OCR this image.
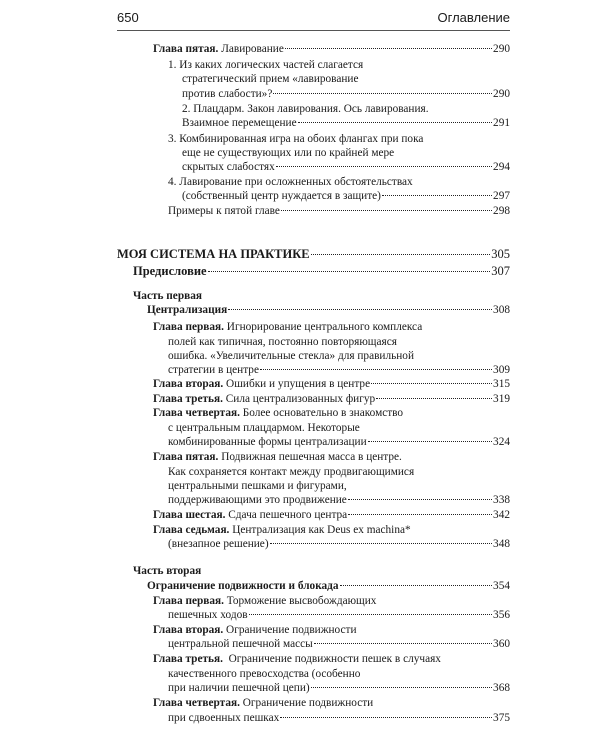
650	Оглавление
Глава пятая. Лавирование	290
1. Из каких логических частей слагается
стратегический прием «лавирование
против слабости»?	290
2. Плацдарм. Закон лавирования. Ось лавирования.
Взаимное перемещение	291
3. Комбинированная игра на обоих флангах при пока
еще не существующих или по крайней мере
скрытых слабостях	294
4. Лавирование при осложненных обстоятельствах
(собственный центр нуждается в защите)	297
Примеры к пятой главе	298
МОЯ СИСТЕМА НА ПРАКТИКЕ	305
Предисловие	307
Часть первая
Централизация	308
Глава первая. Игнорирование центрального комплекса
полей как типичная, постоянно повторяющаяся
ошибка. «Увеличительные стекла» для правильной
стратегии в центре	309
Глава вторая. Ошибки и упущения в центре	315
Глава третья. Сила централизованных фигур	319
Глава четвертая. Более основательно в знакомство
с центральным плацдармом. Некоторые
комбинированные формы централизации	324
Глава пятая. Подвижная пешечная масса в центре.
Как сохраняется контакт между продвигающимися
центральными пешками и фигурами,
поддерживающими это продвижение	338
Глава шестая. Сдача пешечного центра	342
Глава седьмая. Централизация как Deus ex machina*
(внезапное решение)	348
Часть вторая
Ограничение подвижности и блокада	354
Глава первая. Торможение высвобождающих
пешечных ходов	356
Глава вторая. Ограничение подвижности
центральной пешечной массы	360
Глава третья.  Ограничение подвижности пешек в случаях
качественного превосходства (особенно
при наличии пешечной цепи)	368
Глава четвертая. Ограничение подвижности
при сдвоенных пешках	375
